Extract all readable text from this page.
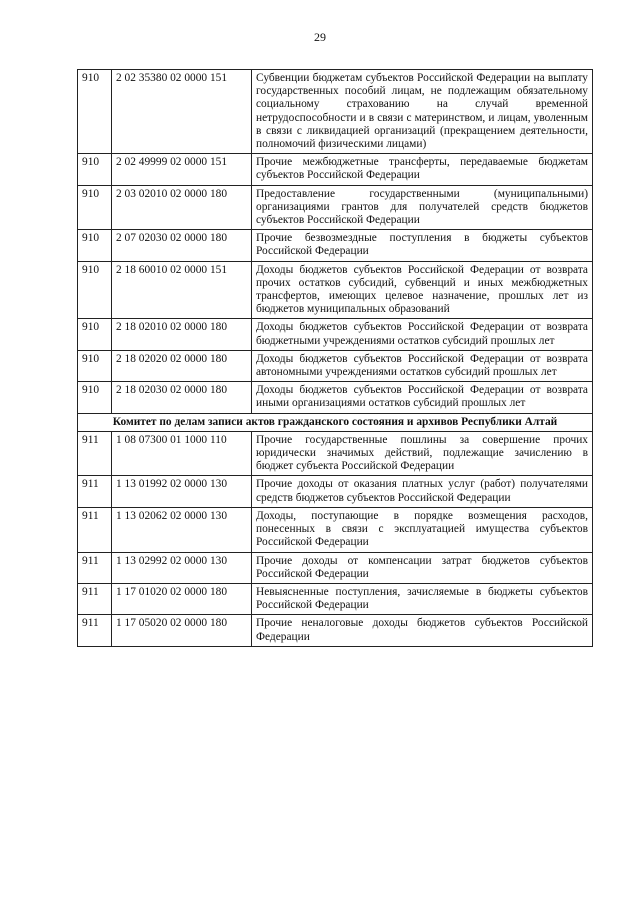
29
910	2 02 35380 02 0000 151	Субвенции бюджетам субъектов Российской Федерации на выплату государственных пособий лицам, не подлежащим обязательному социальному страхованию на случай временной нетрудоспособности и в связи с материнством, и лицам, уволенным в связи с ликвидацией организаций (прекращением деятельности, полномочий физическими лицами)
910	2 02 49999 02 0000 151	Прочие межбюджетные трансферты, передаваемые бюджетам субъектов Российской Федерации
910	2 03 02010 02 0000 180	Предоставление государственными (муниципальными) организациями грантов для получателей средств бюджетов субъектов Российской Федерации
910	2 07 02030 02 0000 180	Прочие безвозмездные поступления в бюджеты субъектов Российской Федерации
910	2 18 60010 02 0000 151	Доходы бюджетов субъектов Российской Федерации от возврата прочих остатков субсидий, субвенций и иных межбюджетных трансфертов, имеющих целевое назначение, прошлых лет из бюджетов муниципальных образований
910	2 18 02010 02 0000 180	Доходы бюджетов субъектов Российской Федерации от возврата бюджетными учреждениями остатков субсидий прошлых лет
910	2 18 02020 02 0000 180	Доходы бюджетов субъектов Российской Федерации от возврата автономными учреждениями остатков субсидий прошлых лет
910	2 18 02030 02 0000 180	Доходы бюджетов субъектов Российской Федерации от возврата иными организациями остатков субсидий прошлых лет
Комитет по делам записи актов гражданского состояния и архивов Республики Алтай		
911	1 08 07300 01 1000 110	Прочие государственные пошлины за совершение прочих юридически значимых действий, подлежащие зачислению в бюджет субъекта Российской Федерации
911	1 13 01992 02 0000 130	Прочие доходы от оказания платных услуг (работ) получателями средств бюджетов субъектов Российской Федерации
911	1 13 02062 02 0000 130	Доходы, поступающие в порядке возмещения расходов, понесенных в связи с эксплуатацией имущества субъектов Российской Федерации
911	1 13 02992 02 0000 130	Прочие доходы от компенсации затрат бюджетов субъектов Российской Федерации
911	1 17 01020 02 0000 180	Невыясненные поступления, зачисляемые в бюджеты субъектов Российской Федерации
911	1 17 05020 02 0000 180	Прочие неналоговые доходы бюджетов субъектов Российской Федерации
